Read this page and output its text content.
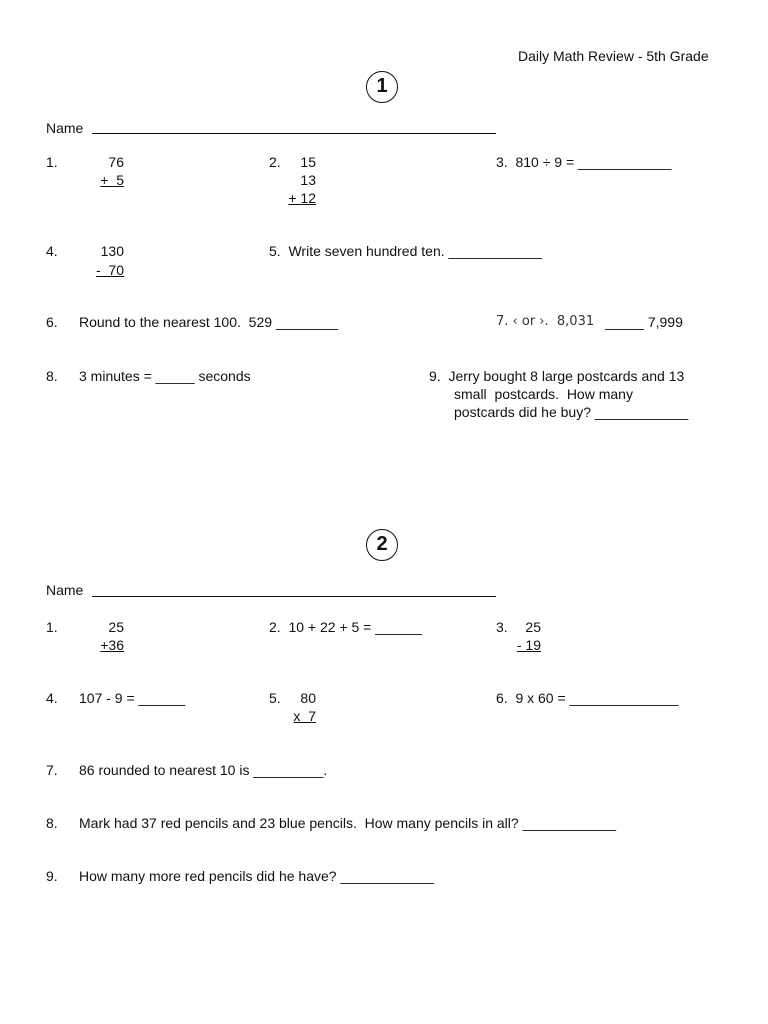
Daily Math Review - 5th Grade
1
Name
1.	76
+  5
2.	15
13
+ 12
3.  810 ÷ 9 = ____________
4.	130
-  70
5.  Write seven hundred ten. ____________
6. Round to the nearest 100.  529 ________	7. ‹ or ›.  8,031 _____ 7,999
8. 3 minutes = _____ seconds	9.  Jerry bought 8 large postcards and 13
small  postcards.  How many
postcards did he buy? ____________
2
Name
1.	25
+36
2.  10 + 22 + 5 = ______	3.	25
- 19
4. 107 - 9 = ______	5.	80
x  7
6.  9 x 60 = ______________
7. 86 rounded to nearest 10 is _________.
8. Mark had 37 red pencils and 23 blue pencils.  How many pencils in all? ____________
9. How many more red pencils did he have? ____________
